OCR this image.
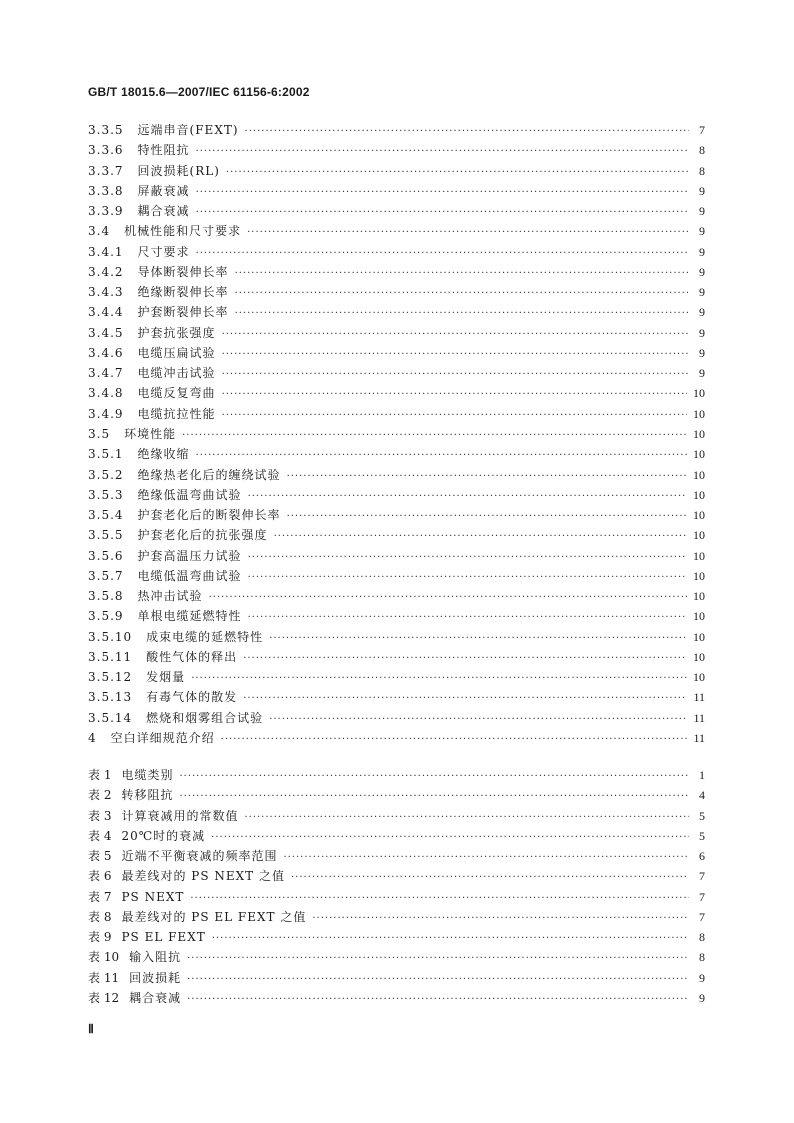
GB/T 18015.6—2007/IEC 61156-6:2002
3.3.5 远端串音(FEXT) ·····	7
3.3.6 特性阻抗 ·····	8
3.3.7 回波损耗(RL) ·····	8
3.3.8 屏蔽衰减 ·····	9
3.3.9 耦合衰减 ·····	9
3.4 机械性能和尺寸要求 ·····	9
3.4.1 尺寸要求 ·····	9
3.4.2 导体断裂伸长率 ·····	9
3.4.3 绝缘断裂伸长率 ·····	9
3.4.4 护套断裂伸长率 ·····	9
3.4.5 护套抗张强度 ·····	9
3.4.6 电缆压扁试验 ·····	9
3.4.7 电缆冲击试验 ·····	9
3.4.8 电缆反复弯曲 ·····	10
3.4.9 电缆抗拉性能 ·····	10
3.5 环境性能 ·····	10
3.5.1 绝缘收缩 ·····	10
3.5.2 绝缘热老化后的缠绕试验 ·····	10
3.5.3 绝缘低温弯曲试验 ·····	10
3.5.4 护套老化后的断裂伸长率 ·····	10
3.5.5 护套老化后的抗张强度 ·····	10
3.5.6 护套高温压力试验 ·····	10
3.5.7 电缆低温弯曲试验 ·····	10
3.5.8 热冲击试验 ·····	10
3.5.9 单根电缆延燃特性 ·····	10
3.5.10 成束电缆的延燃特性 ·····	10
3.5.11 酸性气体的释出 ·····	10
3.5.12 发烟量 ·····	10
3.5.13 有毒气体的散发 ·····	11
3.5.14 燃烧和烟雾组合试验 ·····	11
4 空白详细规范介绍 ·····	11
表 1 电缆类别 ·····	1
表 2 转移阻抗 ·····	4
表 3 计算衰减用的常数值 ·····	5
表 4 20℃时的衰减 ·····	5
表 5 近端不平衡衰减的频率范围 ·····	6
表 6 最差线对的 PS NEXT 之值 ·····	7
表 7 PS NEXT ·····	7
表 8 最差线对的 PS EL FEXT 之值 ·····	7
表 9 PS EL FEXT ·····	8
表 10 输入阻抗 ·····	8
表 11 回波损耗 ·····	9
表 12 耦合衰减 ·····	9
Ⅱ
